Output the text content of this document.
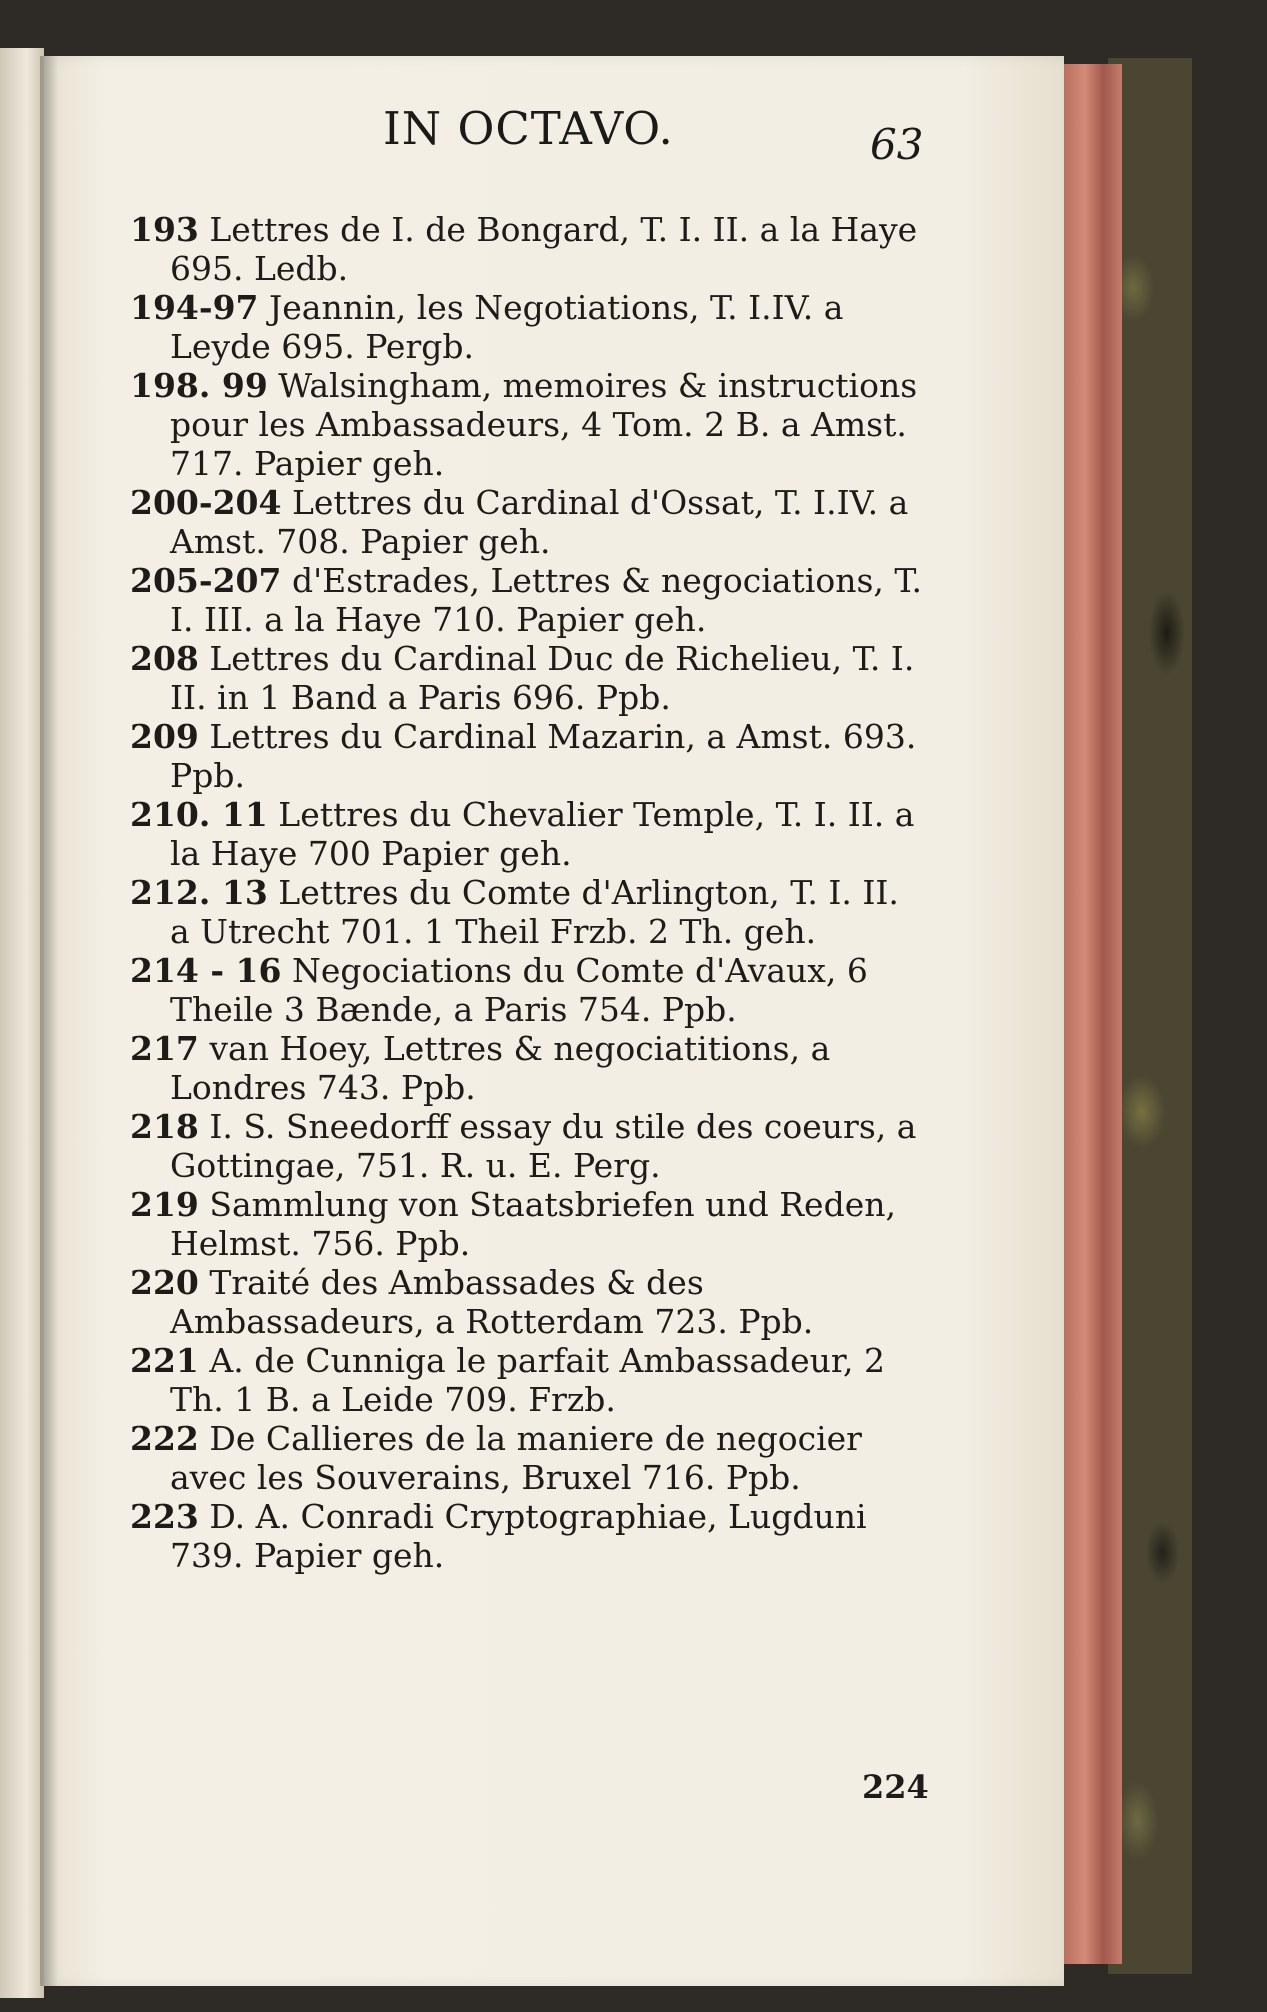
IN OCTAVO.	63

193 Lettres de I. de Bongard, T. I. II. a la Haye 695. Ledb.

194-97 Jeannin, les Negotiations, T. I.IV. a Leyde 695. Pergb.

198. 99 Walsingham, memoires & instructions pour les Ambassadeurs, 4 Tom. 2 B. a Amst. 717. Papier geh.

200-204 Lettres du Cardinal d'Ossat, T. I.IV. a Amst. 708. Papier geh.

205-207 d'Estrades, Lettres & negociations, T. I. III. a la Haye 710. Papier geh.

208 Lettres du Cardinal Duc de Richelieu, T. I. II. in 1 Band a Paris 696. Ppb.

209 Lettres du Cardinal Mazarin, a Amst. 693. Ppb.

210. 11 Lettres du Chevalier Temple, T. I. II. a la Haye 700 Papier geh.

212. 13 Lettres du Comte d'Arlington, T. I. II. a Utrecht 701. 1 Theil Frzb. 2 Th. geh.

214 - 16 Negociations du Comte d'Avaux, 6 Theile 3 Bænde, a Paris 754. Ppb.

217 van Hoey, Lettres & negociatitions, a Londres 743. Ppb.

218 I. S. Sneedorff essay du stile des coeurs, a Gottingae, 751. R. u. E. Perg.

219 Sammlung von Staatsbriefen und Reden, Helmst. 756. Ppb.

220 Traité des Ambassades & des Ambassadeurs, a Rotterdam 723. Ppb.

221 A. de Cunniga le parfait Ambassadeur, 2 Th. 1 B. a Leide 709. Frzb.

222 De Callieres de la maniere de negocier avec les Souverains, Bruxel 716. Ppb.

223 D. A. Conradi Cryptographiae, Lugduni 739. Papier geh.

224
